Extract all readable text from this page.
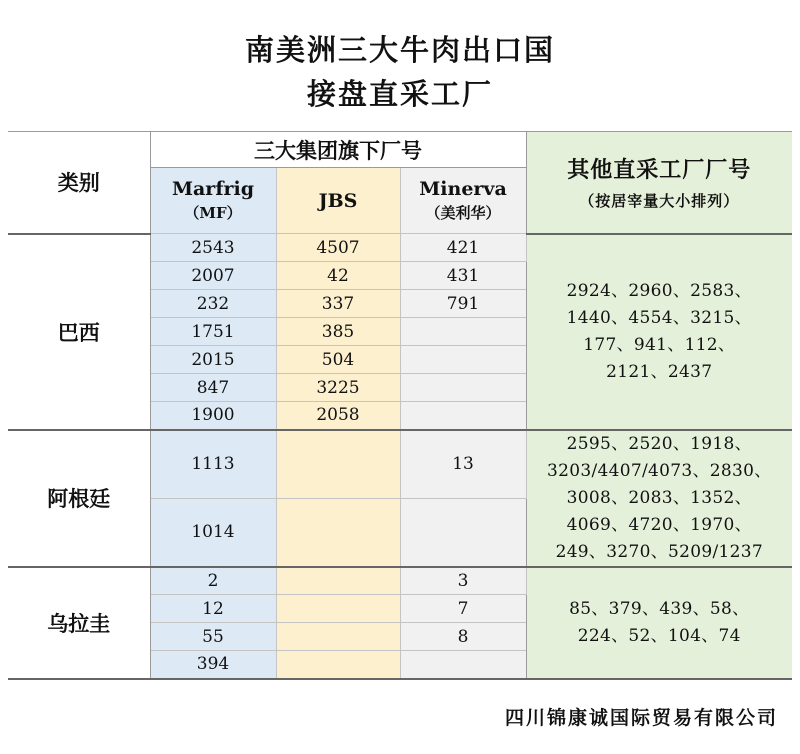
南美洲三大牛肉出口国
接盘直采工厂
类别	三大集团旗下厂号			其他直采工厂厂号
（按居宰量大小排列）

	Marfrig
（MF）	JBS	Minerva
（美利华）	

巴西	2543	4507	421	2924、2960、2583、
1440、4554、3215、
177、941、112、
2121、2437

	2007	42	431	
	232	337	791	
	1751	385		
	2015	504		
	847	3225		
	1900	2058		
阿根廷	1113		13	2595、2520、1918、
3203/4407/4073、2830、
3008、2083、1352、
4069、4720、1970、
249、3270、5209/1237

	1014			
乌拉圭	2		3	85、379、439、58、
224、52、104、74

	12		7	
	55		8	
	394			
四川锦康诚国际贸易有限公司
